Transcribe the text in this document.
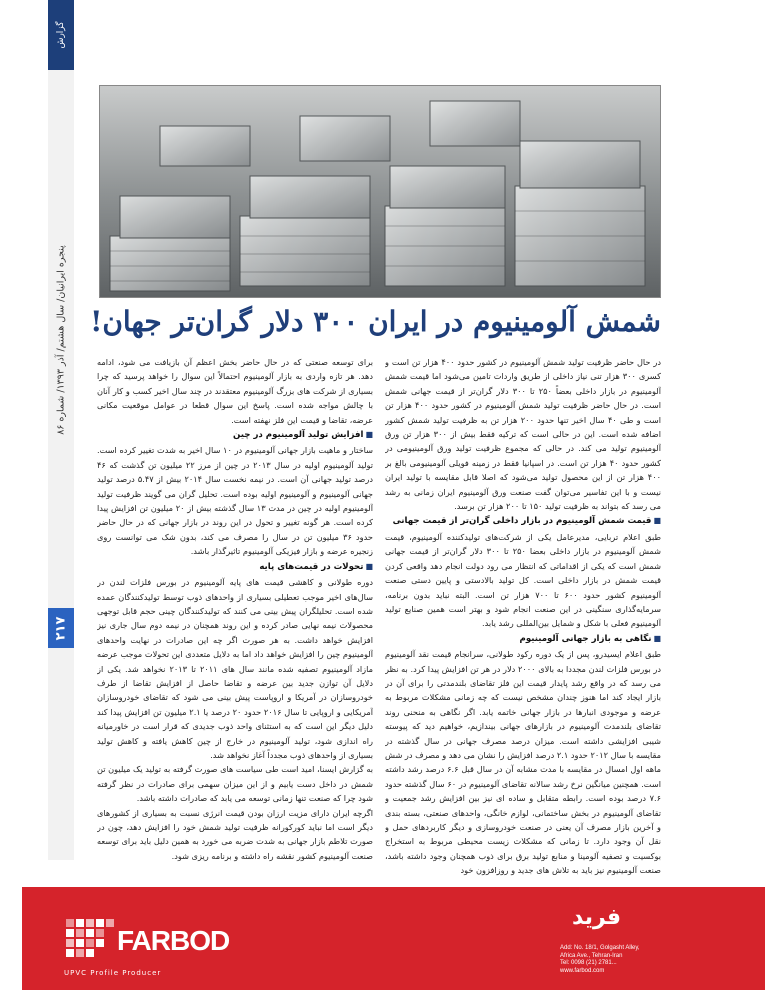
گزارش
پنجره ایرانیان/ سال هشتم/ آذر ۱۳۹۳/ شماره ۸۶
۲۱۷
شمش آلومینیوم در ایران ۳۰۰ دلار گران‌تر جهان!

در حال حاضر ظرفیت تولید شمش آلومینیوم در کشور حدود ۴۰۰ هزار تن است و کسری ۳۰۰ هزار تنی نیاز داخلی از طریق واردات تامین می‌شود اما قیمت شمش آلومینیوم در بازار داخلی بعضاً ۲۵۰ تا ۳۰۰ دلار گران‌تر از قیمت جهانی شمش است. در حال حاضر ظرفیت تولید شمش آلومینیوم در کشور حدود ۴۰۰ هزار تن است و طی ۴۰ سال اخیر تنها حدود ۲۰۰ هزار تن به ظرفیت تولید شمش کشور اضافه شده است. این در حالی است که ترکیه فقط بیش از ۳۰۰ هزار تن ورق آلومینیوم تولید می کند. در حالی که مجموع ظرفیت تولید ورق آلومینیومی در کشور حدود ۴۰ هزار تن است. در اسپانیا فقط در زمینه فویلی آلومینیومی بالغ بر ۴۰۰ هزار تن از این محصول تولید می‌شود که اصلا قابل مقایسه با تولید ایران نیست و با این تفاسیر می‌توان گفت صنعت ورق آلومینیوم ایران زمانی به رشد می رسد که بتواند به ظرفیت تولید ۱۵۰ تا ۲۰۰ هزار تن برسد.

■ قیمت شمش آلومینیوم در بازار داخلی گران‌تر از قیمت جهانی

طبق اعلام تربایی، مدیرعامل یکی از شرکت‌های تولیدکننده آلومینیوم، قیمت شمش آلومینیوم در بازار داخلی بعضا ۲۵۰ تا ۳۰۰ دلار گران‌تر از قیمت جهانی شمش است که یکی از اقداماتی که انتظار می رود دولت انجام دهد واقعی کردن قیمت شمش در بازار داخلی است. کل تولید بالادستی و پایین دستی صنعت آلومینیوم کشور حدود ۶۰۰ تا ۷۰۰ هزار تن است. البته نباید بدون برنامه، سرمایه‌گذاری سنگینی در این صنعت انجام شود و بهتر است همین صنایع تولید آلومینیوم فعلی با شکل و شمایل بین‌المللی رشد یابد.

■ نگاهی به بازار جهانی آلومینیوم

طبق اعلام ایسیدرو، پس از یک دوره رکود طولانی، سرانجام قیمت نقد آلومینیوم در بورس فلزات لندن مجددا به بالای ۲۰۰۰ دلار در هر تن افزایش پیدا کرد. به نظر می رسد که در واقع رشد پایدار قیمت این فلز تقاضای بلندمدتی را برای آن در بازار ایجاد کند اما هنوز چندان مشخص نیست که چه زمانی مشکلات مربوط به عرضه و موجودی انبارها در بازار جهانی خاتمه یابد. اگر نگاهی به منحنی روند تقاضای بلندمدت آلومینیوم در بازارهای جهانی بیندازیم، خواهیم دید که پیوسته شیبی افزایشی داشته است. میزان درصد مصرف جهانی در سال گذشته در مقایسه با سال ۲۰۱۲ حدود ۲.۱ درصد افزایش را نشان می دهد و مصرف در شش ماهه اول امسال در مقایسه با مدت مشابه آن در سال قبل ۶.۶ درصد رشد داشته است. همچنین میانگین نرخ رشد سالانه تقاضای آلومینیوم در ۶۰ سال گذشته حدود ۷.۶ درصد بوده است. رابطه متقابل و ساده ای نیز بین افزایش رشد جمعیت و تقاضای آلومینیوم در بخش ساختمانی، لوازم خانگی، واحدهای صنعتی، بسته بندی و آخرین بازار مصرف آن یعنی در صنعت خودروسازی و دیگر کاربردهای حمل و نقل آن وجود دارد. تا زمانی که مشکلات زیست محیطی مربوط به استخراج بوکسیت و تصفیه آلومینا و منابع تولید برق برای ذوب همچنان وجود داشته باشد، صنعت آلومینیوم نیز باید به تلاش های جدید و روزافزون خود

برای توسعه صنعتی که در حال حاضر بخش اعظم آن بازیافت می شود، ادامه دهد. هر تازه واردی به بازار آلومینیوم احتمالاً این سوال را خواهد پرسید که چرا بسیاری از شرکت های بزرگ آلومینیوم معتقدند در چند سال اخیر کسب و کار آنان با چالش مواجه شده است. پاسخ این سوال قطعا در عوامل موقعیت مکانی عرضه، تقاضا و قیمت این فلز نهفته است.

■ افزایش تولید آلومینیوم در چین

ساختار و ماهیت بازار جهانی آلومینیوم در ۱۰ سال اخیر به شدت تغییر کرده است. تولید آلومینیوم اولیه در سال ۲۰۱۳ در چین از مرز ۲۲ میلیون تن گذشت که ۴۶ درصد تولید جهانی آن است. در نیمه نخست سال ۲۰۱۴ بیش از ۵.۴۷ درصد تولید جهانی آلومینیوم و آلومینیوم اولیه بوده است. تحلیل گران می گویند ظرفیت تولید آلومینیوم اولیه در چین در مدت ۱۳ سال گذشته بیش از ۲۰ میلیون تن افزایش پیدا کرده است. هر گونه تغییر و تحول در این روند در بازار جهانی که در حال حاضر حدود ۳۶ میلیون تن در سال را مصرف می کند، بدون شک می توانست روی زنجیره عرضه و بازار فیزیکی آلومینیوم تاثیرگذار باشد.

■ تحولات در قیمت‌های پایه

دوره طولانی و کاهشی قیمت های پایه آلومینیوم در بورس فلزات لندن در سال‌های اخیر موجب تعطیلی بسیاری از واحدهای ذوب توسط تولیدکنندگان عمده شده است. تحلیلگران پیش بینی می کنند که تولیدکنندگان چینی حجم قابل توجهی محصولات نیمه نهایی صادر کرده و این روند همچنان در نیمه دوم سال جاری نیز افزایش خواهد داشت. به هر صورت اگر چه این صادرات در نهایت واحدهای آلومینیوم چین را افزایش خواهد داد اما به دلایل متعددی این تحولات موجب عرضه مازاد آلومینیوم تصفیه شده مانند سال های ۲۰۱۱ تا ۲۰۱۳ نخواهد شد. یکی از دلایل آن توازن جدید بین عرضه و تقاضا حاصل از افزایش تقاضا از طرف خودروسازان در آمریکا و اروپاست پیش بینی می شود که تقاضای خودروسازان آمریکایی و اروپایی تا سال ۲۰۱۶ حدود ۲۰ درصد یا ۲.۱ میلیون تن افزایش پیدا کند دلیل دیگر این است که به استثنای واحد ذوب جدیدی که قرار است در خاورمیانه راه اندازی شود، تولید آلومینیوم در خارج از چین کاهش یافته و کاهش تولید بسیاری از واحدهای ذوب مجدداً آغاز نخواهد شد.

به گزارش ایسنا، امید است طی سیاست های صورت گرفته به تولید یک میلیون تن شمش در داخل دست یابیم و از این میزان سهمی برای صادرات در نظر گرفته شود چرا که صنعت تنها زمانی توسعه می یابد که صادرات داشته باشد.

اگرچه ایران دارای مزیت ارزان بودن قیمت انرژی نسبت به بسیاری از کشورهای دیگر است اما نباید کورکورانه ظرفیت تولید شمش خود را افزایش دهد، چون در صورت تلاطم بازار جهانی به شدت ضربه می خورد به همین دلیل باید برای توسعه صنعت آلومینیوم کشور نقشه راه داشته و برنامه ریزی شود.

FARBOD
UPVC Profile Producer
فرید
Add: No. 18/1, Golgasht Alley,
Africa Ave., Tehran-Iran
Tel: 0098 (21) 2781...
www.farbod.com
